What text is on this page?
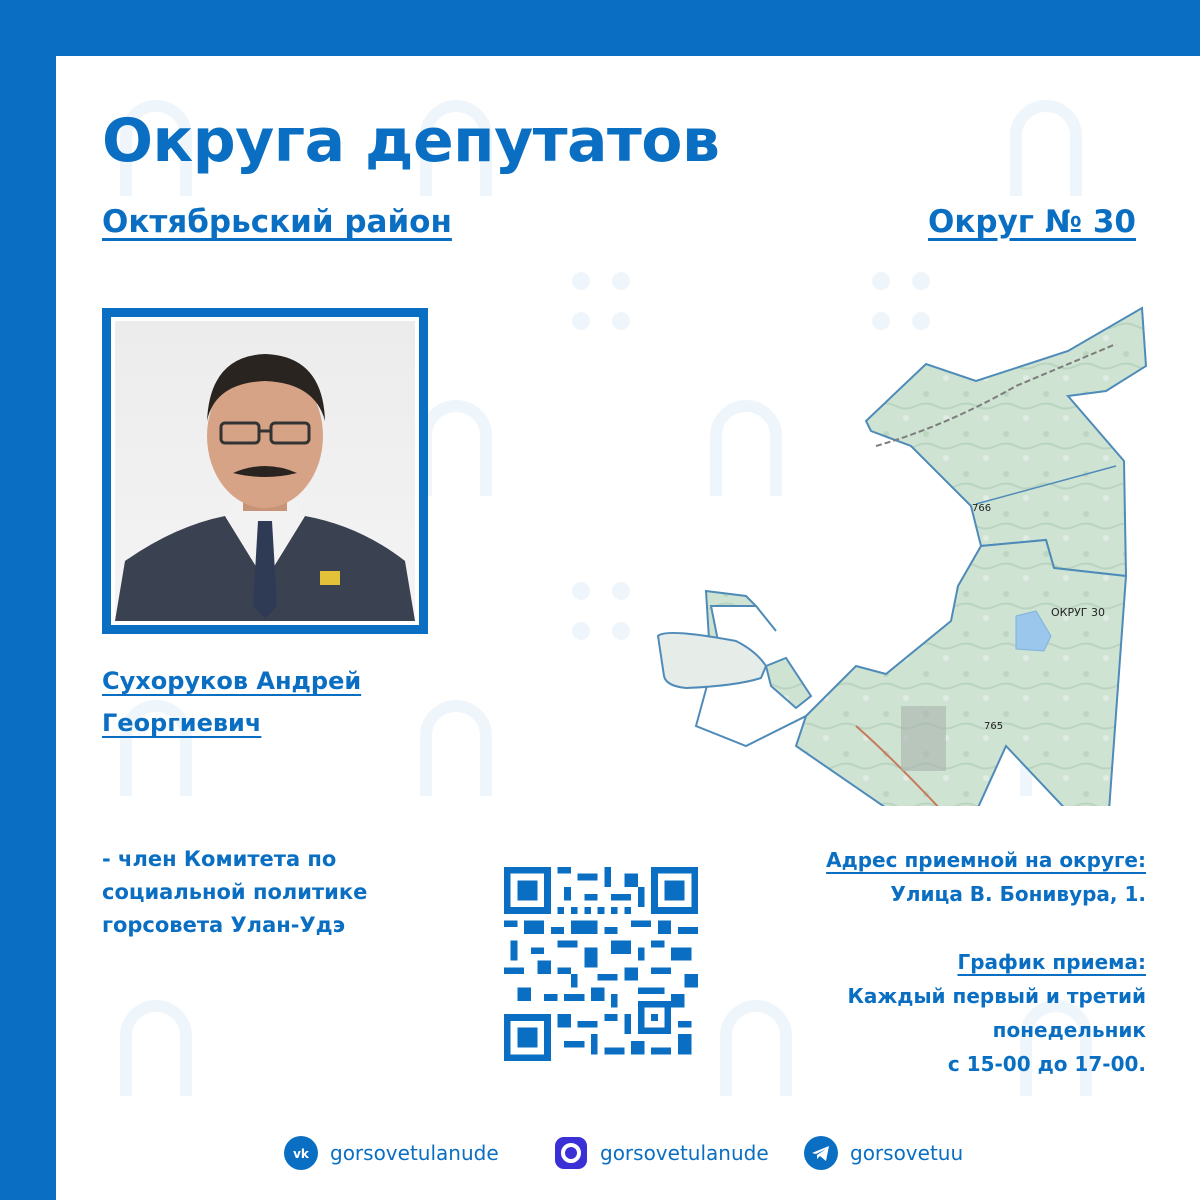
Округа депутатов
Октябрьский район	Округ № 30
Сухоруков Андрей
Георгиевич
- член Комитета по
социальной политике
горсовета Улан-Удэ
ОКРУГ 30
766
765
Адрес приемной на округе:
Улица В. Бонивура, 1.
График приема:
Каждый первый и третий
понедельник
с 15-00 до 17-00.
vk gorsovetulanude	gorsovetulanude	gorsovetuu
